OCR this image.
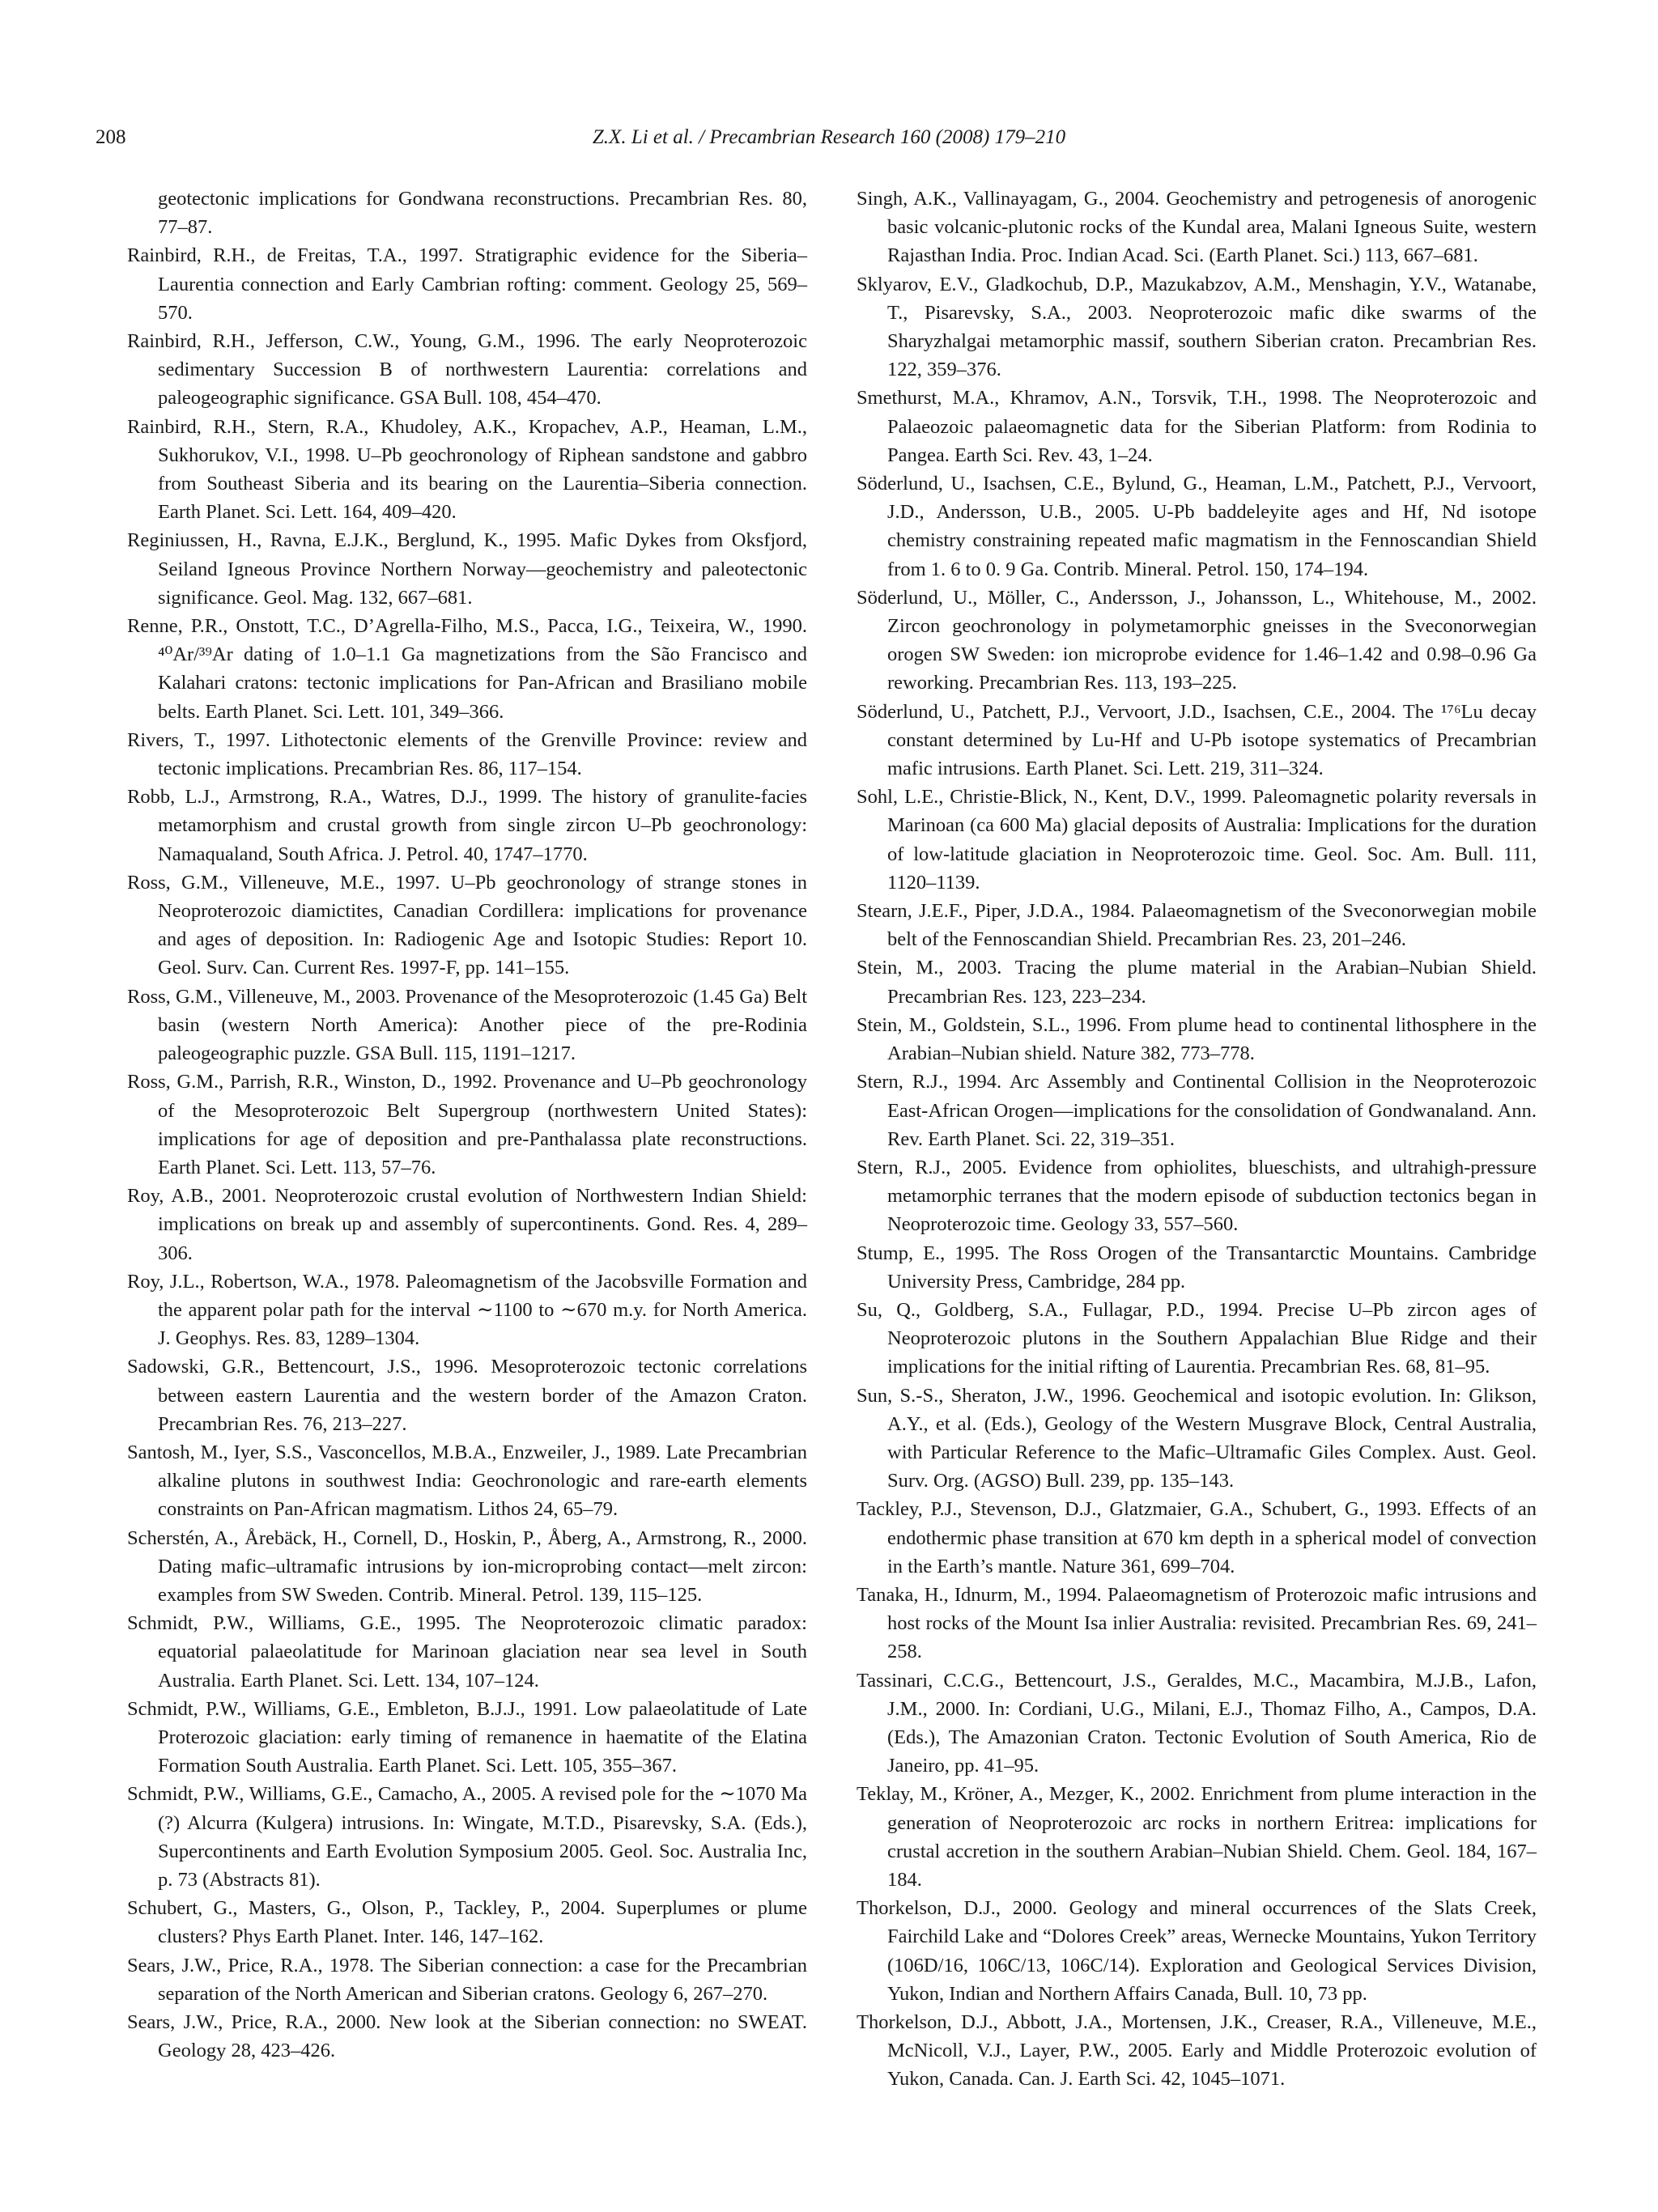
208	Z.X. Li et al. / Precambrian Research 160 (2008) 179–210

geotectonic implications for Gondwana reconstructions. Precambrian Res. 80, 77–87.

Rainbird, R.H., de Freitas, T.A., 1997. Stratigraphic evidence for the Siberia–Laurentia connection and Early Cambrian rofting: comment. Geology 25, 569–570.

Rainbird, R.H., Jefferson, C.W., Young, G.M., 1996. The early Neoproterozoic sedimentary Succession B of northwestern Laurentia: correlations and paleogeographic significance. GSA Bull. 108, 454–470.

Rainbird, R.H., Stern, R.A., Khudoley, A.K., Kropachev, A.P., Heaman, L.M., Sukhorukov, V.I., 1998. U–Pb geochronology of Riphean sandstone and gabbro from Southeast Siberia and its bearing on the Laurentia–Siberia connection. Earth Planet. Sci. Lett. 164, 409–420.

Reginiussen, H., Ravna, E.J.K., Berglund, K., 1995. Mafic Dykes from Oksfjord, Seiland Igneous Province Northern Norway—geochemistry and paleotectonic significance. Geol. Mag. 132, 667–681.

Renne, P.R., Onstott, T.C., D’Agrella-Filho, M.S., Pacca, I.G., Teixeira, W., 1990. ⁴⁰Ar/³⁹Ar dating of 1.0–1.1 Ga magnetizations from the São Francisco and Kalahari cratons: tectonic implications for Pan-African and Brasiliano mobile belts. Earth Planet. Sci. Lett. 101, 349–366.

Rivers, T., 1997. Lithotectonic elements of the Grenville Province: review and tectonic implications. Precambrian Res. 86, 117–154.

Robb, L.J., Armstrong, R.A., Watres, D.J., 1999. The history of granulite-facies metamorphism and crustal growth from single zircon U–Pb geochronology: Namaqualand, South Africa. J. Petrol. 40, 1747–1770.

Ross, G.M., Villeneuve, M.E., 1997. U–Pb geochronology of strange stones in Neoproterozoic diamictites, Canadian Cordillera: implications for provenance and ages of deposition. In: Radiogenic Age and Isotopic Studies: Report 10. Geol. Surv. Can. Current Res. 1997-F, pp. 141–155.

Ross, G.M., Villeneuve, M., 2003. Provenance of the Mesoproterozoic (1.45 Ga) Belt basin (western North America): Another piece of the pre-Rodinia paleogeographic puzzle. GSA Bull. 115, 1191–1217.

Ross, G.M., Parrish, R.R., Winston, D., 1992. Provenance and U–Pb geochronology of the Mesoproterozoic Belt Supergroup (northwestern United States): implications for age of deposition and pre-Panthalassa plate reconstructions. Earth Planet. Sci. Lett. 113, 57–76.

Roy, A.B., 2001. Neoproterozoic crustal evolution of Northwestern Indian Shield: implications on break up and assembly of supercontinents. Gond. Res. 4, 289–306.

Roy, J.L., Robertson, W.A., 1978. Paleomagnetism of the Jacobsville Formation and the apparent polar path for the interval ∼1100 to ∼670 m.y. for North America. J. Geophys. Res. 83, 1289–1304.

Sadowski, G.R., Bettencourt, J.S., 1996. Mesoproterozoic tectonic correlations between eastern Laurentia and the western border of the Amazon Craton. Precambrian Res. 76, 213–227.

Santosh, M., Iyer, S.S., Vasconcellos, M.B.A., Enzweiler, J., 1989. Late Precambrian alkaline plutons in southwest India: Geochronologic and rare-earth elements constraints on Pan-African magmatism. Lithos 24, 65–79.

Scherstén, A., Årebäck, H., Cornell, D., Hoskin, P., Åberg, A., Armstrong, R., 2000. Dating mafic–ultramafic intrusions by ion-microprobing contact—melt zircon: examples from SW Sweden. Contrib. Mineral. Petrol. 139, 115–125.

Schmidt, P.W., Williams, G.E., 1995. The Neoproterozoic climatic paradox: equatorial palaeolatitude for Marinoan glaciation near sea level in South Australia. Earth Planet. Sci. Lett. 134, 107–124.

Schmidt, P.W., Williams, G.E., Embleton, B.J.J., 1991. Low palaeolatitude of Late Proterozoic glaciation: early timing of remanence in haematite of the Elatina Formation South Australia. Earth Planet. Sci. Lett. 105, 355–367.

Schmidt, P.W., Williams, G.E., Camacho, A., 2005. A revised pole for the ∼1070 Ma (?) Alcurra (Kulgera) intrusions. In: Wingate, M.T.D., Pisarevsky, S.A. (Eds.), Supercontinents and Earth Evolution Symposium 2005. Geol. Soc. Australia Inc, p. 73 (Abstracts 81).

Schubert, G., Masters, G., Olson, P., Tackley, P., 2004. Superplumes or plume clusters? Phys Earth Planet. Inter. 146, 147–162.

Sears, J.W., Price, R.A., 1978. The Siberian connection: a case for the Precambrian separation of the North American and Siberian cratons. Geology 6, 267–270.

Sears, J.W., Price, R.A., 2000. New look at the Siberian connection: no SWEAT. Geology 28, 423–426.

Singh, A.K., Vallinayagam, G., 2004. Geochemistry and petrogenesis of anorogenic basic volcanic-plutonic rocks of the Kundal area, Malani Igneous Suite, western Rajasthan India. Proc. Indian Acad. Sci. (Earth Planet. Sci.) 113, 667–681.

Sklyarov, E.V., Gladkochub, D.P., Mazukabzov, A.M., Menshagin, Y.V., Watanabe, T., Pisarevsky, S.A., 2003. Neoproterozoic mafic dike swarms of the Sharyzhalgai metamorphic massif, southern Siberian craton. Precambrian Res. 122, 359–376.

Smethurst, M.A., Khramov, A.N., Torsvik, T.H., 1998. The Neoproterozoic and Palaeozoic palaeomagnetic data for the Siberian Platform: from Rodinia to Pangea. Earth Sci. Rev. 43, 1–24.

Söderlund, U., Isachsen, C.E., Bylund, G., Heaman, L.M., Patchett, P.J., Vervoort, J.D., Andersson, U.B., 2005. U-Pb baddeleyite ages and Hf, Nd isotope chemistry constraining repeated mafic magmatism in the Fennoscandian Shield from 1. 6 to 0. 9 Ga. Contrib. Mineral. Petrol. 150, 174–194.

Söderlund, U., Möller, C., Andersson, J., Johansson, L., Whitehouse, M., 2002. Zircon geochronology in polymetamorphic gneisses in the Sveconorwegian orogen SW Sweden: ion microprobe evidence for 1.46–1.42 and 0.98–0.96 Ga reworking. Precambrian Res. 113, 193–225.

Söderlund, U., Patchett, P.J., Vervoort, J.D., Isachsen, C.E., 2004. The ¹⁷⁶Lu decay constant determined by Lu-Hf and U-Pb isotope systematics of Precambrian mafic intrusions. Earth Planet. Sci. Lett. 219, 311–324.

Sohl, L.E., Christie-Blick, N., Kent, D.V., 1999. Paleomagnetic polarity reversals in Marinoan (ca 600 Ma) glacial deposits of Australia: Implications for the duration of low-latitude glaciation in Neoproterozoic time. Geol. Soc. Am. Bull. 111, 1120–1139.

Stearn, J.E.F., Piper, J.D.A., 1984. Palaeomagnetism of the Sveconorwegian mobile belt of the Fennoscandian Shield. Precambrian Res. 23, 201–246.

Stein, M., 2003. Tracing the plume material in the Arabian–Nubian Shield. Precambrian Res. 123, 223–234.

Stein, M., Goldstein, S.L., 1996. From plume head to continental lithosphere in the Arabian–Nubian shield. Nature 382, 773–778.

Stern, R.J., 1994. Arc Assembly and Continental Collision in the Neoproterozoic East-African Orogen—implications for the consolidation of Gondwanaland. Ann. Rev. Earth Planet. Sci. 22, 319–351.

Stern, R.J., 2005. Evidence from ophiolites, blueschists, and ultrahigh-pressure metamorphic terranes that the modern episode of subduction tectonics began in Neoproterozoic time. Geology 33, 557–560.

Stump, E., 1995. The Ross Orogen of the Transantarctic Mountains. Cambridge University Press, Cambridge, 284 pp.

Su, Q., Goldberg, S.A., Fullagar, P.D., 1994. Precise U–Pb zircon ages of Neoproterozoic plutons in the Southern Appalachian Blue Ridge and their implications for the initial rifting of Laurentia. Precambrian Res. 68, 81–95.

Sun, S.-S., Sheraton, J.W., 1996. Geochemical and isotopic evolution. In: Glikson, A.Y., et al. (Eds.), Geology of the Western Musgrave Block, Central Australia, with Particular Reference to the Mafic–Ultramafic Giles Complex. Aust. Geol. Surv. Org. (AGSO) Bull. 239, pp. 135–143.

Tackley, P.J., Stevenson, D.J., Glatzmaier, G.A., Schubert, G., 1993. Effects of an endothermic phase transition at 670 km depth in a spherical model of convection in the Earth’s mantle. Nature 361, 699–704.

Tanaka, H., Idnurm, M., 1994. Palaeomagnetism of Proterozoic mafic intrusions and host rocks of the Mount Isa inlier Australia: revisited. Precambrian Res. 69, 241–258.

Tassinari, C.C.G., Bettencourt, J.S., Geraldes, M.C., Macambira, M.J.B., Lafon, J.M., 2000. In: Cordiani, U.G., Milani, E.J., Thomaz Filho, A., Campos, D.A. (Eds.), The Amazonian Craton. Tectonic Evolution of South America, Rio de Janeiro, pp. 41–95.

Teklay, M., Kröner, A., Mezger, K., 2002. Enrichment from plume interaction in the generation of Neoproterozoic arc rocks in northern Eritrea: implications for crustal accretion in the southern Arabian–Nubian Shield. Chem. Geol. 184, 167–184.

Thorkelson, D.J., 2000. Geology and mineral occurrences of the Slats Creek, Fairchild Lake and “Dolores Creek” areas, Wernecke Mountains, Yukon Territory (106D/16, 106C/13, 106C/14). Exploration and Geological Services Division, Yukon, Indian and Northern Affairs Canada, Bull. 10, 73 pp.

Thorkelson, D.J., Abbott, J.A., Mortensen, J.K., Creaser, R.A., Villeneuve, M.E., McNicoll, V.J., Layer, P.W., 2005. Early and Middle Proterozoic evolution of Yukon, Canada. Can. J. Earth Sci. 42, 1045–1071.
